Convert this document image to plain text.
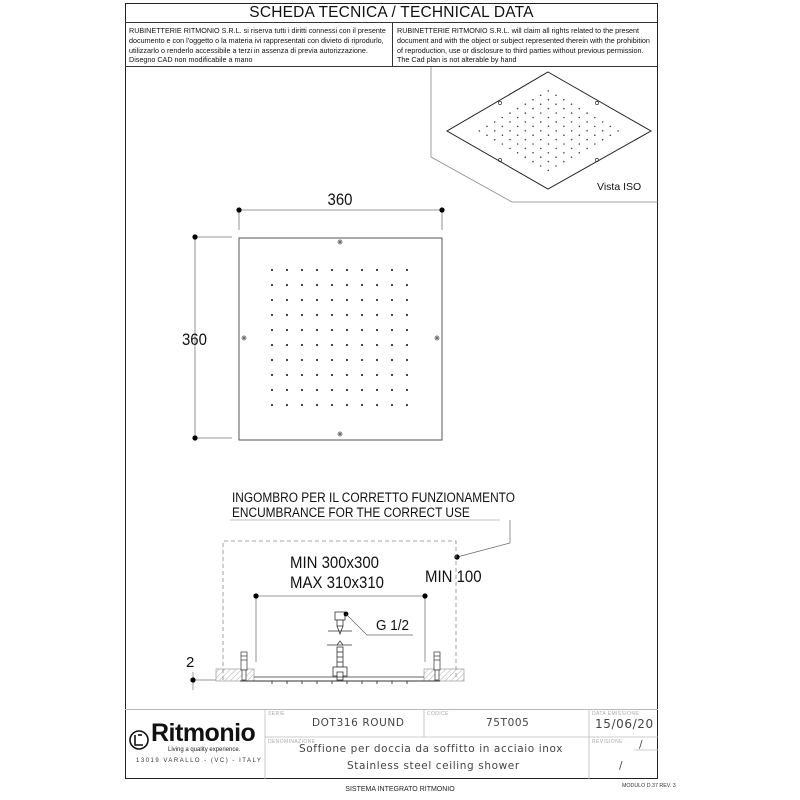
SCHEDA TECNICA / TECHNICAL DATA
RUBINETTERIE RITMONIO S.R.L. si riserva tutti i diritti connessi con il presente documento e con l'oggetto o la materia ivi rappresentati con divieto di riprodurlo, utilizzarlo o renderlo accessibile a terzi in assenza di previa autorizzazione. Disegno CAD non modificabile a mano
RUBINETTERIE RITMONIO S.R.L. will claim all rights related to the present document and with the object or subject represented therein with the prohibition of reproduction, use or disclosure to third parties without previous permission. The Cad plan is not alterable by hand
Vista ISO
360
360
2
G 1/2
INGOMBRO PER IL CORRETTO FUNZIONAMENTO
ENCUMBRANCE FOR THE CORRECT USE
MIN 300x300
MAX 310x310 MIN 100
Ritmonio
Living a quality experience.
13019 VARALLO - (VC) - ITALY
SERIE
DOT316 ROUND
CODICE
75T005
DATA EMISSIONE
15/06/20
DENOMINAZIONE
Soffione per doccia da soffitto in acciaio inox
Stainless steel ceiling shower
REVISIONE /
/
SISTEMA INTEGRATO RITMONIO	MODULO D.37 REV. 3
